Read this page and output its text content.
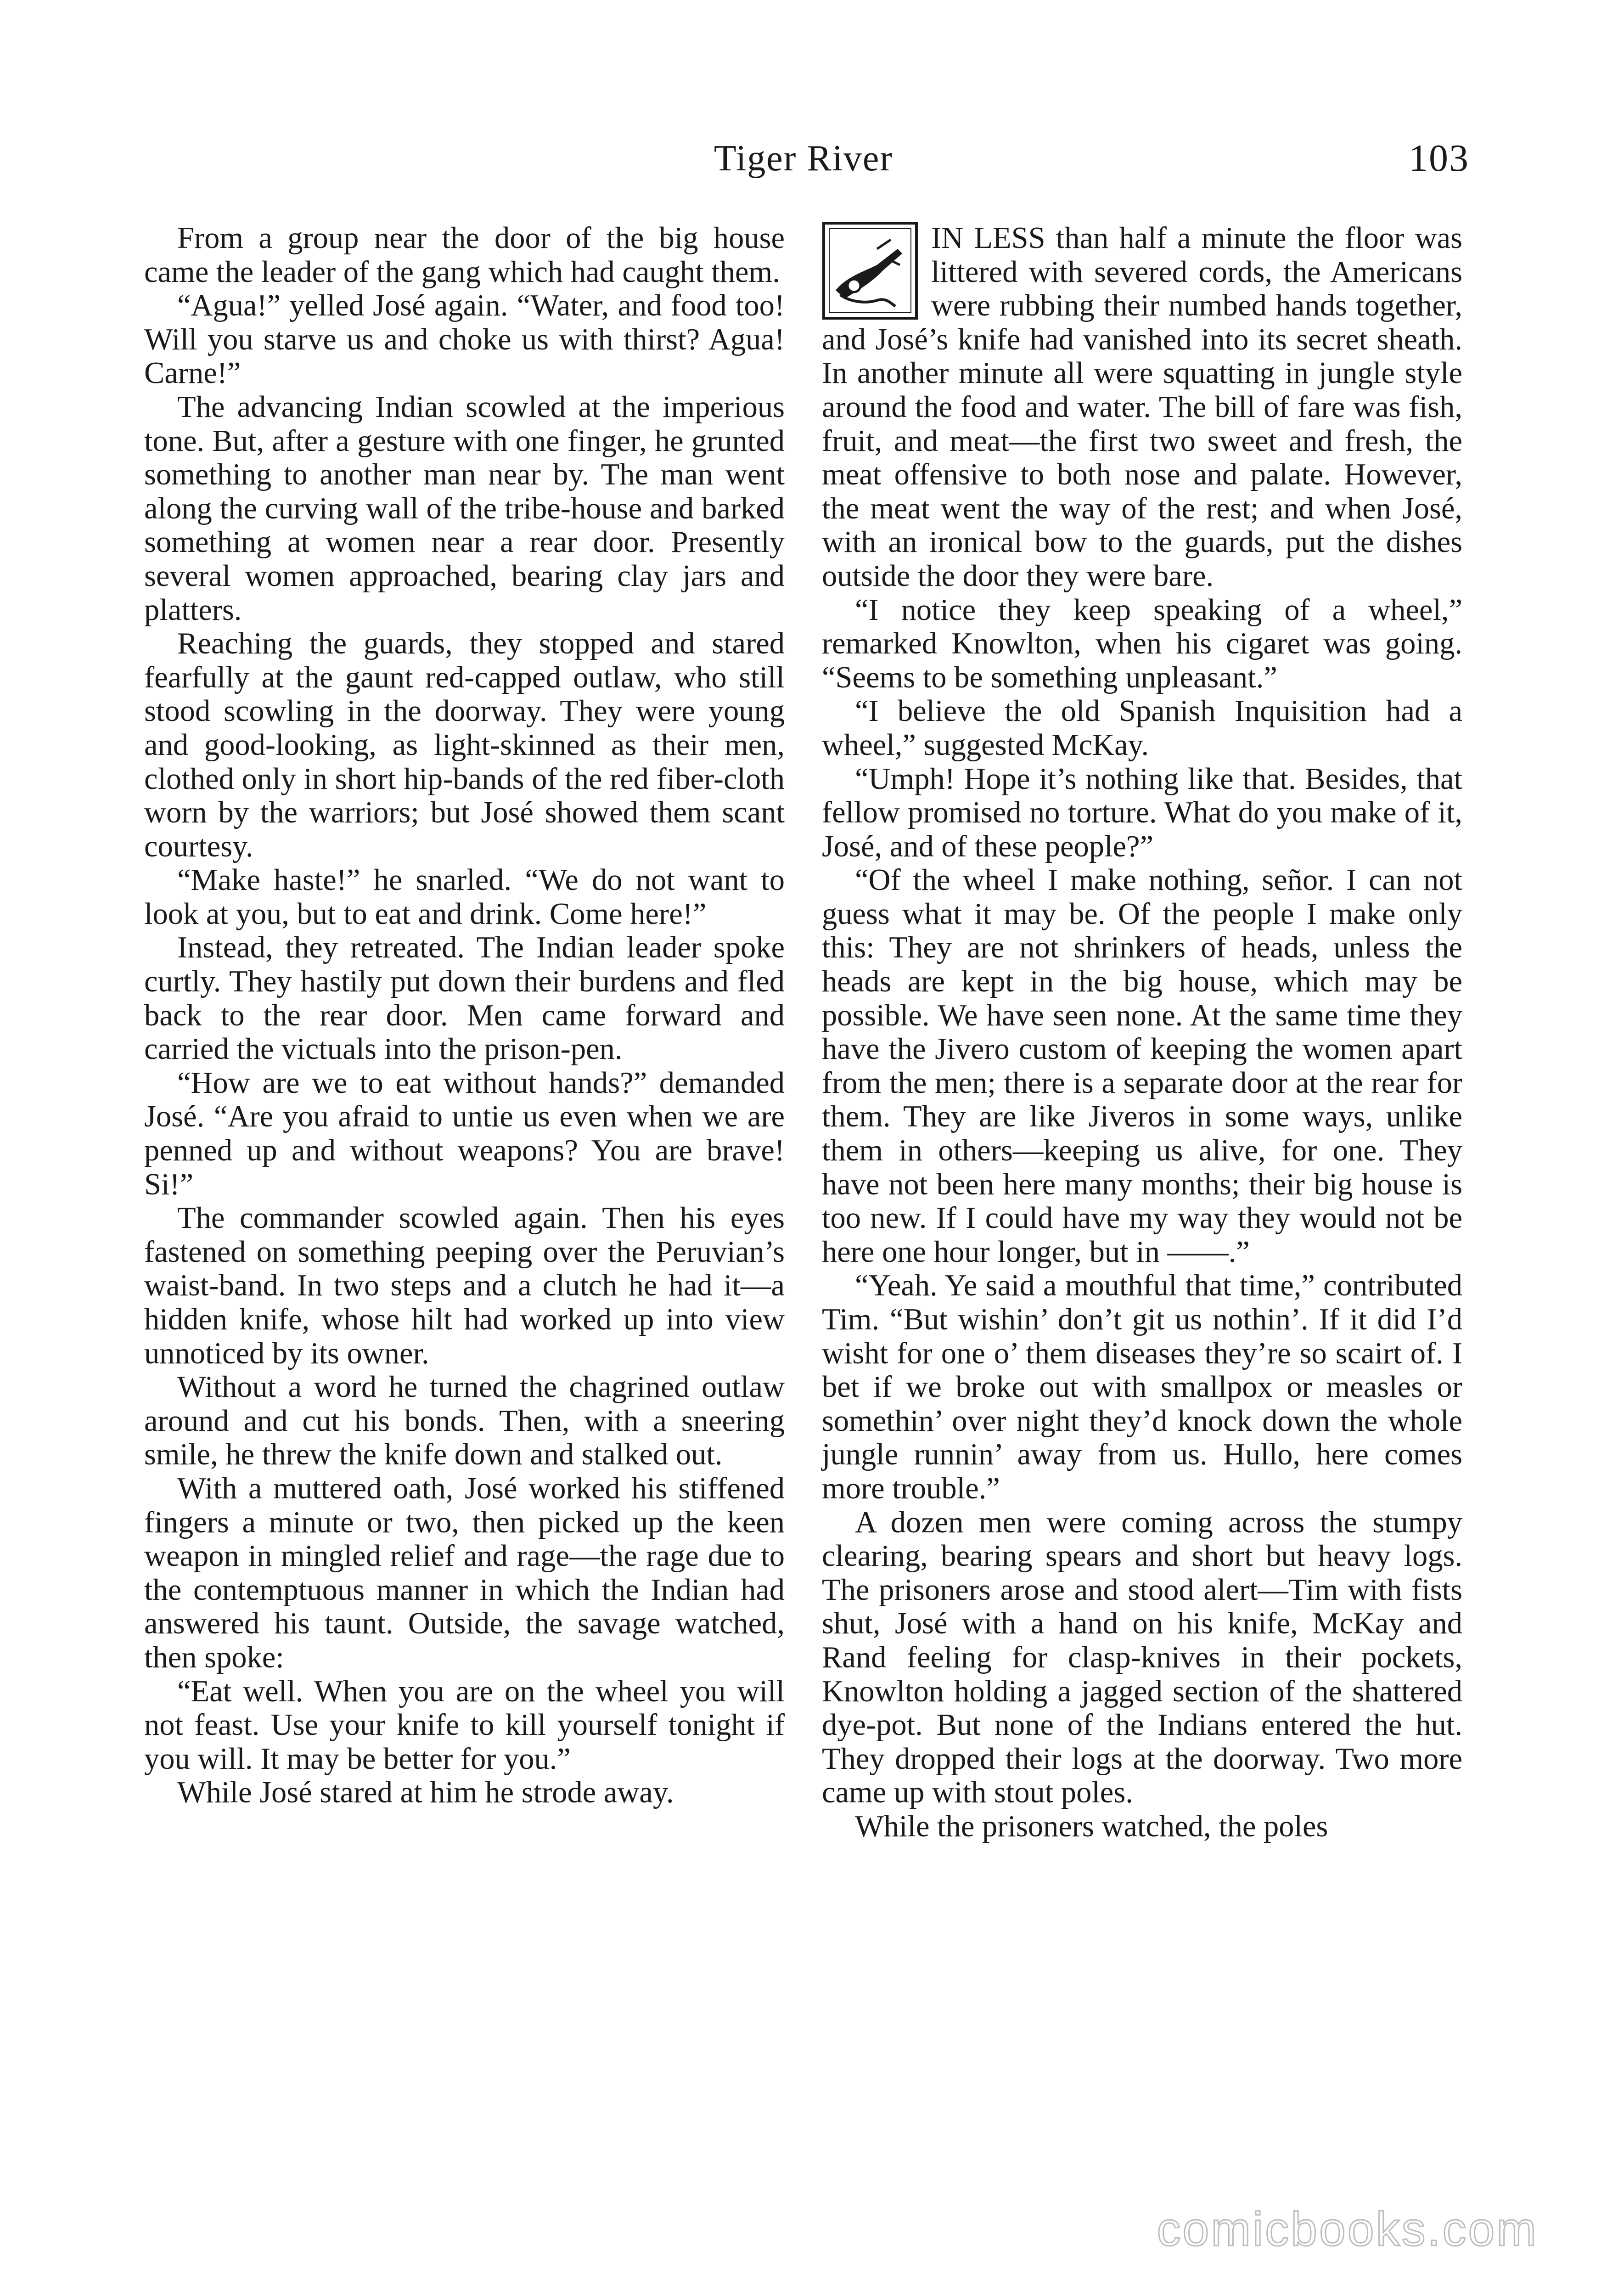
Tiger River	103

From a group near the door of the big house came the leader of the gang which had caught them.

“Agua!” yelled José again. “Water, and food too! Will you starve us and choke us with thirst? Agua! Carne!”

The advancing Indian scowled at the imperious tone. But, after a gesture with one finger, he grunted something to another man near by. The man went along the curving wall of the tribe-house and barked something at women near a rear door. Presently several women approached, bearing clay jars and platters.

Reaching the guards, they stopped and stared fearfully at the gaunt red-capped outlaw, who still stood scowling in the doorway. They were young and good-looking, as light-skinned as their men, clothed only in short hip-bands of the red fiber-cloth worn by the warriors; but José showed them scant courtesy.

“Make haste!” he snarled. “We do not want to look at you, but to eat and drink. Come here!”

Instead, they retreated. The Indian leader spoke curtly. They hastily put down their burdens and fled back to the rear door. Men came forward and carried the victuals into the prison-pen.

“How are we to eat without hands?” demanded José. “Are you afraid to untie us even when we are penned up and without weapons? You are brave! Si!”

The commander scowled again. Then his eyes fastened on something peeping over the Peruvian’s waist-band. In two steps and a clutch he had it—a hidden knife, whose hilt had worked up into view unnoticed by its owner.

Without a word he turned the chagrined outlaw around and cut his bonds. Then, with a sneering smile, he threw the knife down and stalked out.

With a muttered oath, José worked his stiffened fingers a minute or two, then picked up the keen weapon in mingled relief and rage—the rage due to the contemptuous manner in which the Indian had answered his taunt. Outside, the savage watched, then spoke:

“Eat well. When you are on the wheel you will not feast. Use your knife to kill yourself tonight if you will. It may be better for you.”

While José stared at him he strode away.

IN LESS than half a minute the floor was littered with severed cords, the Americans were rubbing their numbed hands together, and José’s knife had vanished into its secret sheath. In another minute all were squatting in jungle style around the food and water. The bill of fare was fish, fruit, and meat—the first two sweet and fresh, the meat offensive to both nose and palate. However, the meat went the way of the rest; and when José, with an ironical bow to the guards, put the dishes outside the door they were bare.

“I notice they keep speaking of a wheel,” remarked Knowlton, when his cigaret was going. “Seems to be something unpleasant.”

“I believe the old Spanish Inquisition had a wheel,” suggested McKay.

“Umph! Hope it’s nothing like that. Besides, that fellow promised no torture. What do you make of it, José, and of these people?”

“Of the wheel I make nothing, señor. I can not guess what it may be. Of the people I make only this: They are not shrinkers of heads, unless the heads are kept in the big house, which may be possible. We have seen none. At the same time they have the Jivero custom of keeping the women apart from the men; there is a separate door at the rear for them. They are like Jiveros in some ways, unlike them in others—keeping us alive, for one. They have not been here many months; their big house is too new. If I could have my way they would not be here one hour longer, but in ——.”

“Yeah. Ye said a mouthful that time,” contributed Tim. “But wishin’ don’t git us nothin’. If it did I’d wisht for one o’ them diseases they’re so scairt of. I bet if we broke out with smallpox or measles or somethin’ over night they’d knock down the whole jungle runnin’ away from us. Hullo, here comes more trouble.”

A dozen men were coming across the stumpy clearing, bearing spears and short but heavy logs. The prisoners arose and stood alert—Tim with fists shut, José with a hand on his knife, McKay and Rand feeling for clasp-knives in their pockets, Knowlton holding a jagged section of the shattered dye-pot. But none of the Indians entered the hut. They dropped their logs at the doorway. Two more came up with stout poles.

While the prisoners watched, the poles

comicbooks.com
